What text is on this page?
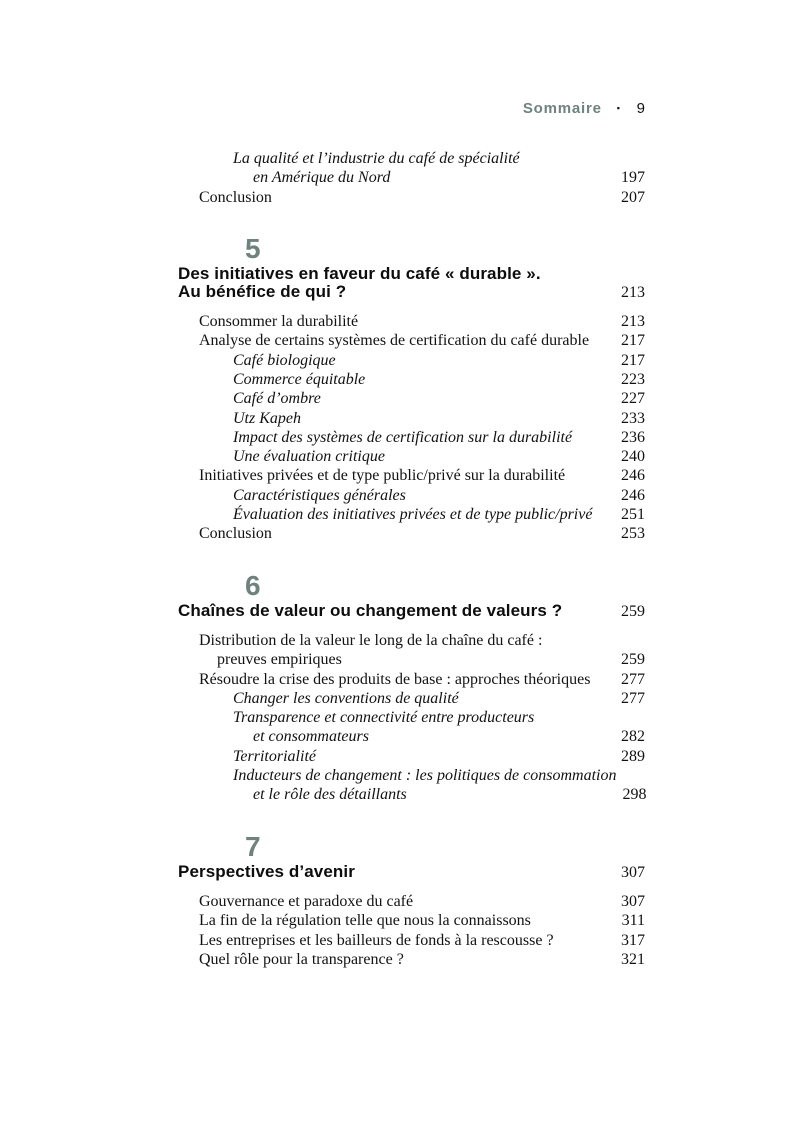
Sommaire ▪ 9
La qualité et l’industrie du café de spécialité
en Amérique du Nord	197
Conclusion	207
5
Des initiatives en faveur du café « durable ».
Au bénéfice de qui ?	213
Consommer la durabilité	213
Analyse de certains systèmes de certification du café durable	217
Café biologique	217
Commerce équitable	223
Café d’ombre	227
Utz Kapeh	233
Impact des systèmes de certification sur la durabilité	236
Une évaluation critique	240
Initiatives privées et de type public/privé sur la durabilité	246
Caractéristiques générales	246
Évaluation des initiatives privées et de type public/privé	251
Conclusion	253
6
Chaînes de valeur ou changement de valeurs ?	259
Distribution de la valeur le long de la chaîne du café :
preuves empiriques	259
Résoudre la crise des produits de base : approches théoriques	277
Changer les conventions de qualité	277
Transparence et connectivité entre producteurs
et consommateurs	282
Territorialité	289
Inducteurs de changement : les politiques de consommation
et le rôle des détaillants	298
7
Perspectives d’avenir	307
Gouvernance et paradoxe du café	307
La fin de la régulation telle que nous la connaissons	311
Les entreprises et les bailleurs de fonds à la rescousse ?	317
Quel rôle pour la transparence ?	321
